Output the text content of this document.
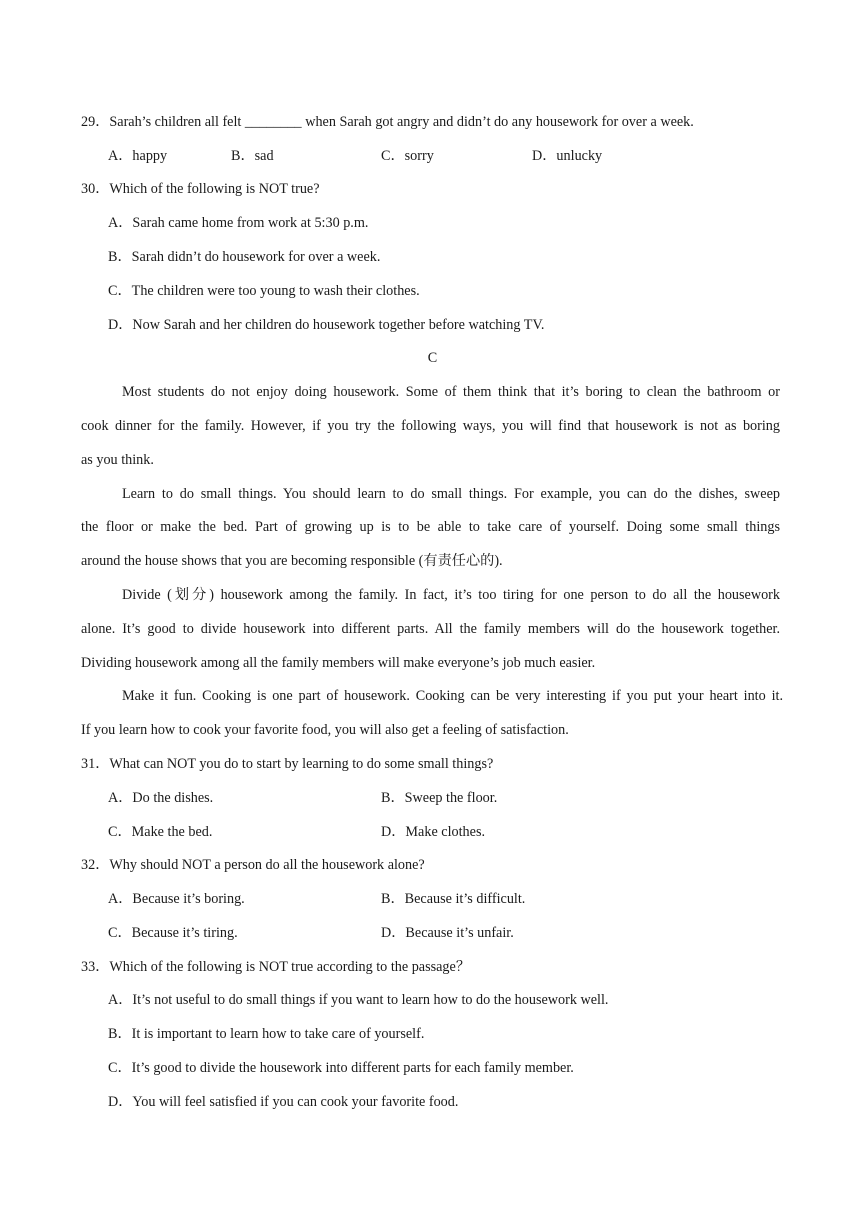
29．Sarah’s children all felt ________ when Sarah got angry and didn’t do any housework for over a week.
A．happy	B．sad	C．sorry	D．unlucky
30．Which of the following is NOT true?
A．Sarah came home from work at 5:30 p.m.
B．Sarah didn’t do housework for over a week.
C．The children were too young to wash their clothes.
D．Now Sarah and her children do housework together before watching TV.
C
Most students do not enjoy doing housework. Some of them think that it’s boring to clean the bathroom or
cook dinner for the family. However, if you try the following ways, you will find that housework is not as boring
as you think.
Learn to do small things. You should learn to do small things. For example, you can do the dishes, sweep
the floor or make the bed. Part of growing up is to be able to take care of yourself. Doing some small things
around the house shows that you are becoming responsible (有责任心的).
Divide (划分) housework among the family. In fact, it’s too tiring for one person to do all the housework
alone. It’s good to divide housework into different parts. All the family members will do the housework together.
Dividing housework among all the family members will make everyone’s job much easier.
Make it fun. Cooking is one part of housework. Cooking can be very interesting if you put your heart into it.
If you learn how to cook your favorite food, you will also get a feeling of satisfaction.
31．What can NOT you do to start by learning to do some small things?
A．Do the dishes.	B．Sweep the floor.
C．Make the bed.	D．Make clothes.
32．Why should NOT a person do all the housework alone?
A．Because it’s boring.	B．Because it’s difficult.
C．Because it’s tiring.	D．Because it’s unfair.
33．Which of the following is NOT true according to the passage？
A．It’s not useful to do small things if you want to learn how to do the housework well.
B．It is important to learn how to take care of yourself.
C．It’s good to divide the housework into different parts for each family member.
D．You will feel satisfied if you can cook your favorite food.
